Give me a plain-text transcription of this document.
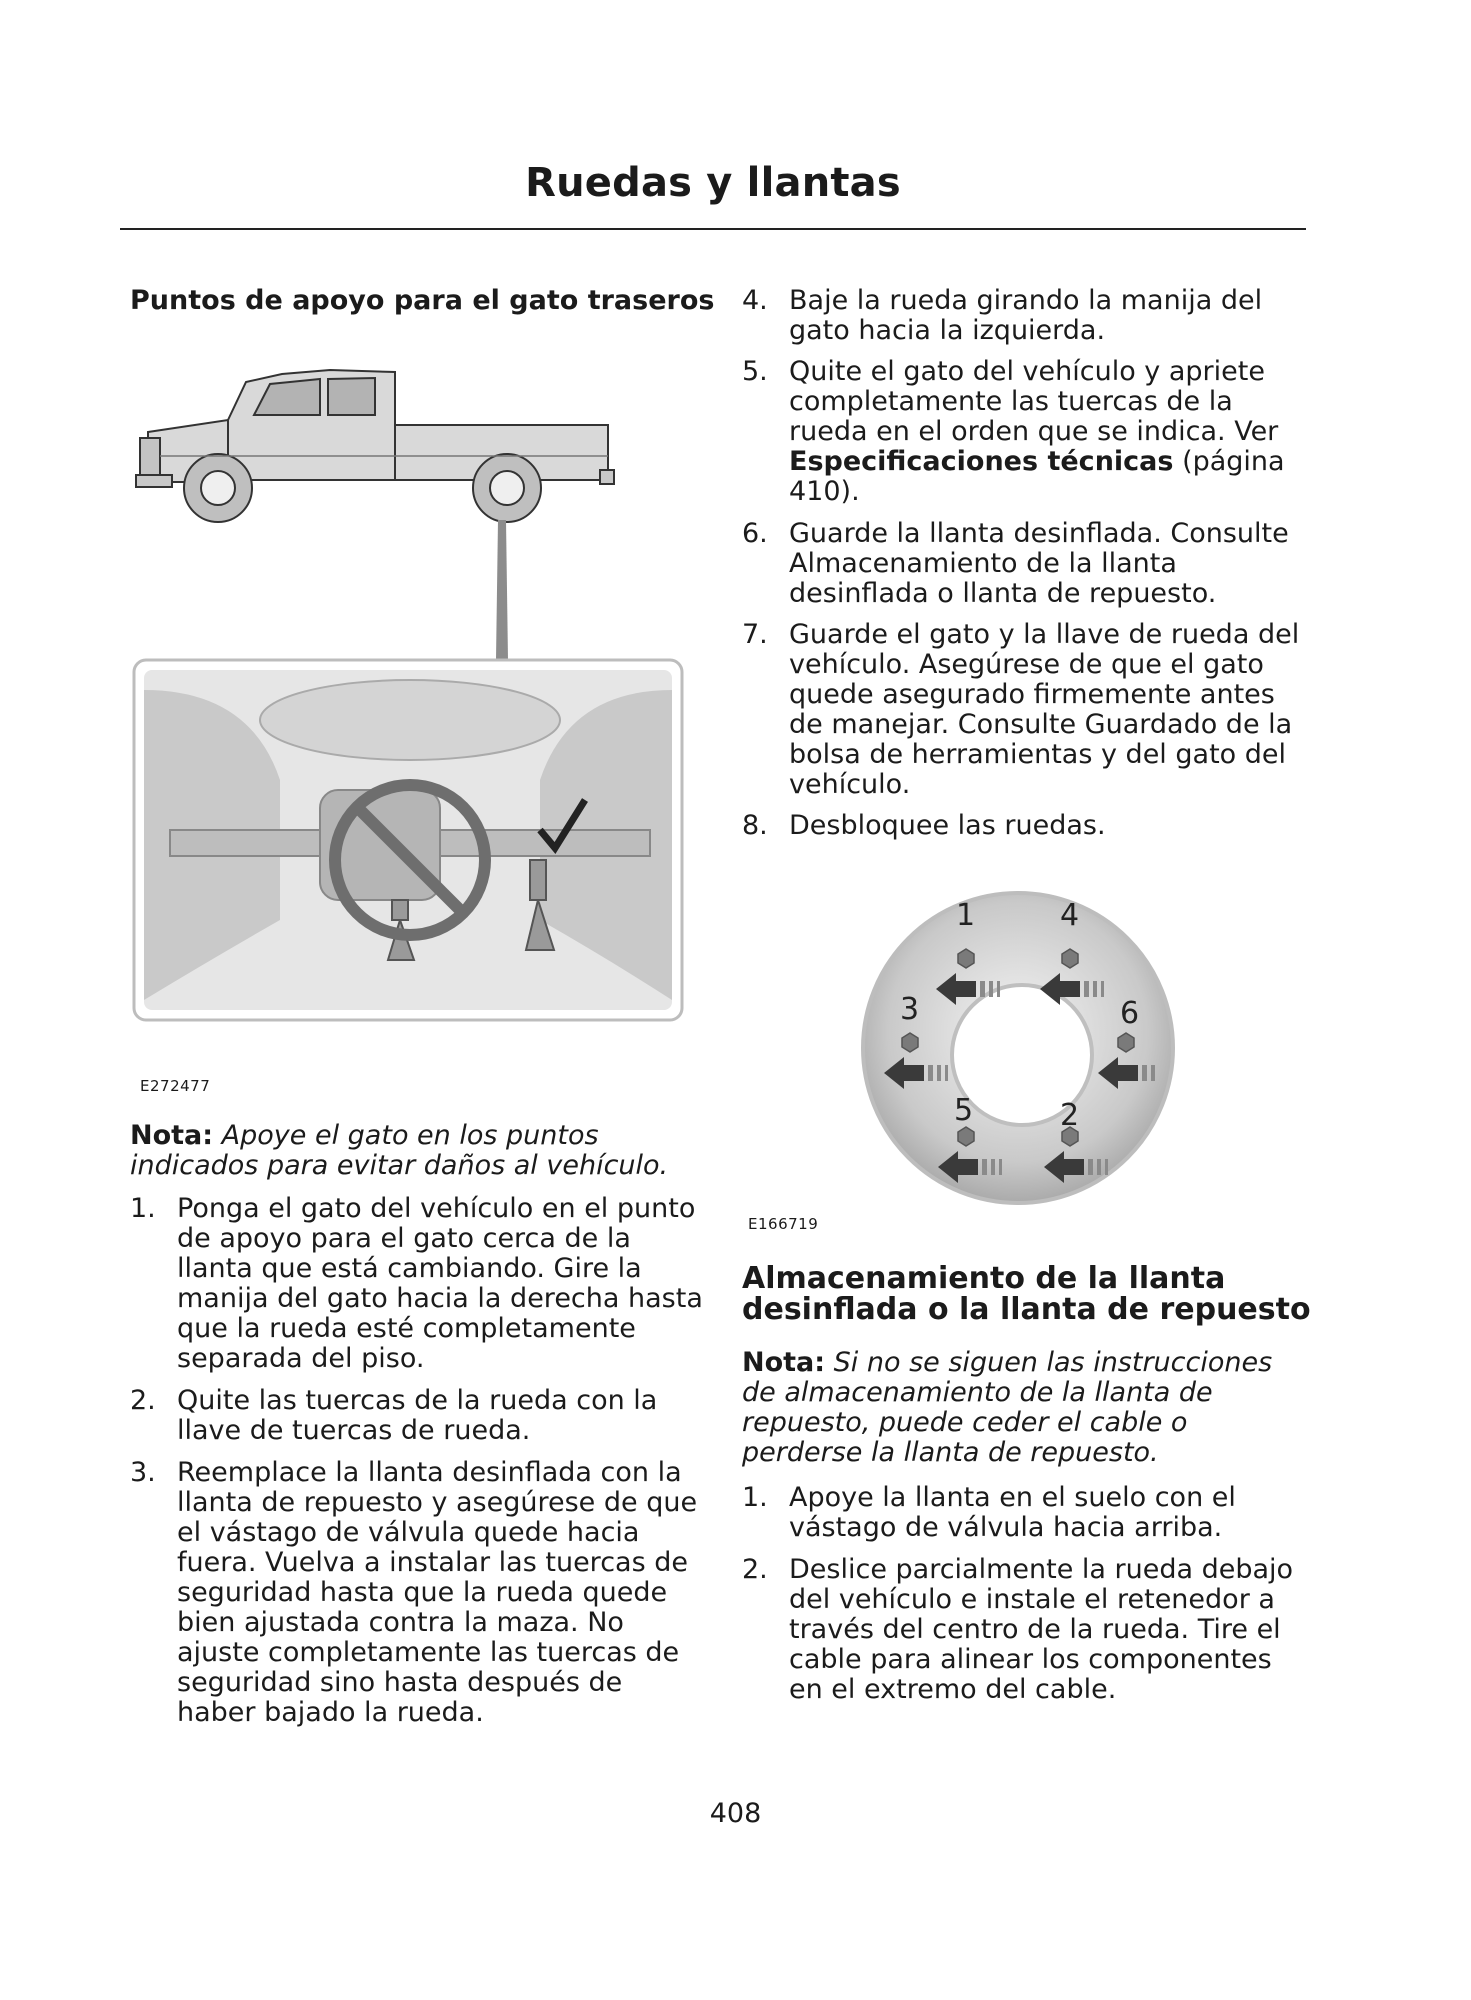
Ruedas y llantas
Puntos de apoyo para el gato traseros
E272477
Nota: Apoye el gato en los puntos indicados para evitar daños al vehículo.
1. Ponga el gato del vehículo en el punto de apoyo para el gato cerca de la llanta que está cambiando. Gire la manija del gato hacia la derecha hasta que la rueda esté completamente separada del piso.
2. Quite las tuercas de la rueda con la llave de tuercas de rueda.
3. Reemplace la llanta desinflada con la llanta de repuesto y asegúrese de que el vástago de válvula quede hacia fuera. Vuelva a instalar las tuercas de seguridad hasta que la rueda quede bien ajustada contra la maza. No ajuste completamente las tuercas de seguridad sino hasta después de haber bajado la rueda.
4. Baje la rueda girando la manija del gato hacia la izquierda.
5. Quite el gato del vehículo y apriete completamente las tuercas de la rueda en el orden que se indica. Ver Especificaciones técnicas (página 410).
6. Guarde la llanta desinflada. Consulte Almacenamiento de la llanta desinflada o llanta de repuesto.
7. Guarde el gato y la llave de rueda del vehículo. Asegúrese de que el gato quede asegurado firmemente antes de manejar. Consulte Guardado de la bolsa de herramientas y del gato del vehículo.
8. Desbloquee las ruedas.
1	4
3	6
5	2
E166719
Almacenamiento de la llanta desinflada o la llanta de repuesto
Nota: Si no se siguen las instrucciones de almacenamiento de la llanta de repuesto, puede ceder el cable o perderse la llanta de repuesto.
1. Apoye la llanta en el suelo con el vástago de válvula hacia arriba.
2. Deslice parcialmente la rueda debajo del vehículo e instale el retenedor a través del centro de la rueda. Tire el cable para alinear los componentes en el extremo del cable.
408
